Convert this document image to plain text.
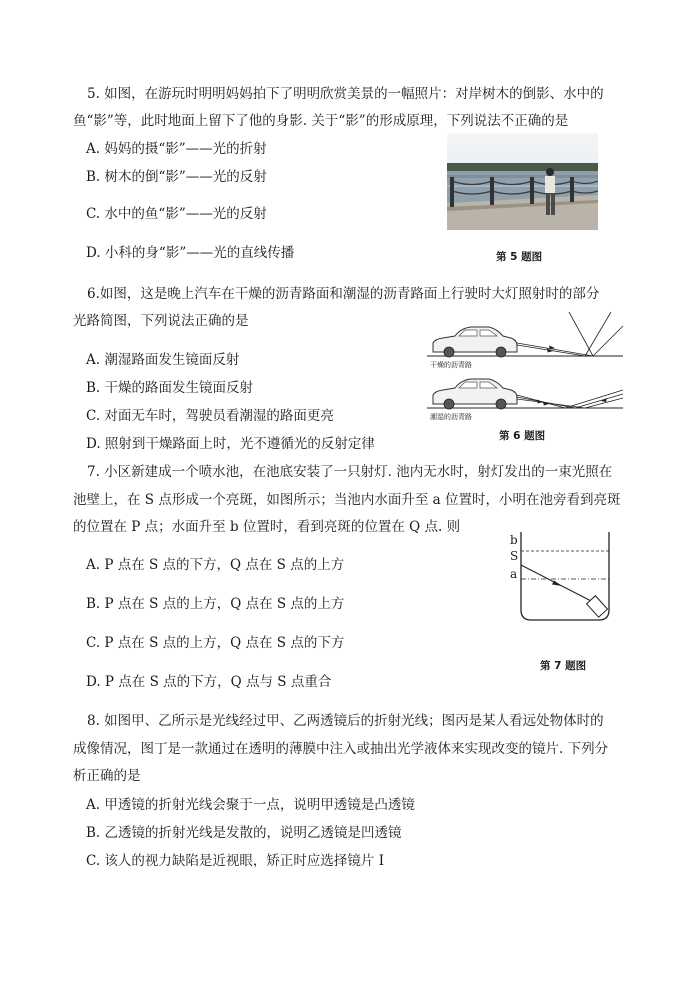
5. 如图，在游玩时明明妈妈拍下了明明欣赏美景的一幅照片：对岸树木的倒影、水中的
鱼“影”等，此时地面上留下了他的身影. 关于“影”的形成原理，下列说法不正确的是
A. 妈妈的摄“影”——光的折射
B. 树木的倒“影”——光的反射
C. 水中的鱼“影”——光的反射
D. 小科的身“影”——光的直线传播	第 5 题图
6.如图，这是晚上汽车在干燥的沥青路面和潮湿的沥青路面上行驶时大灯照射时的部分
光路简图，下列说法正确的是
A. 潮湿路面发生镜面反射
B. 干燥的路面发生镜面反射
C. 对面无车时，驾驶员看潮湿的路面更亮
D. 照射到干燥路面上时，光不遵循光的反射定律
干燥的沥青路
潮湿的沥青路
第 6 题图
7. 小区新建成一个喷水池，在池底安装了一只射灯. 池内无水时，射灯发出的一束光照在
池壁上，在 S 点形成一个亮斑，如图所示；当池内水面升至 a 位置时，小明在池旁看到亮斑
的位置在 P 点；水面升至 b 位置时，看到亮斑的位置在 Q 点. 则
A. P 点在 S 点的下方，Q 点在 S 点的上方
B. P 点在 S 点的上方，Q 点在 S 点的上方
C. P 点在 S 点的上方，Q 点在 S 点的下方
D. P 点在 S 点的下方，Q 点与 S 点重合
b
S
a
第 7 题图
8. 如图甲、乙所示是光线经过甲、乙两透镜后的折射光线；图丙是某人看远处物体时的
成像情况，图丁是一款通过在透明的薄膜中注入或抽出光学液体来实现改变的镜片. 下列分
析正确的是
A. 甲透镜的折射光线会聚于一点，说明甲透镜是凸透镜
B. 乙透镜的折射光线是发散的，说明乙透镜是凹透镜
C. 该人的视力缺陷是近视眼，矫正时应选择镜片 Ⅰ
